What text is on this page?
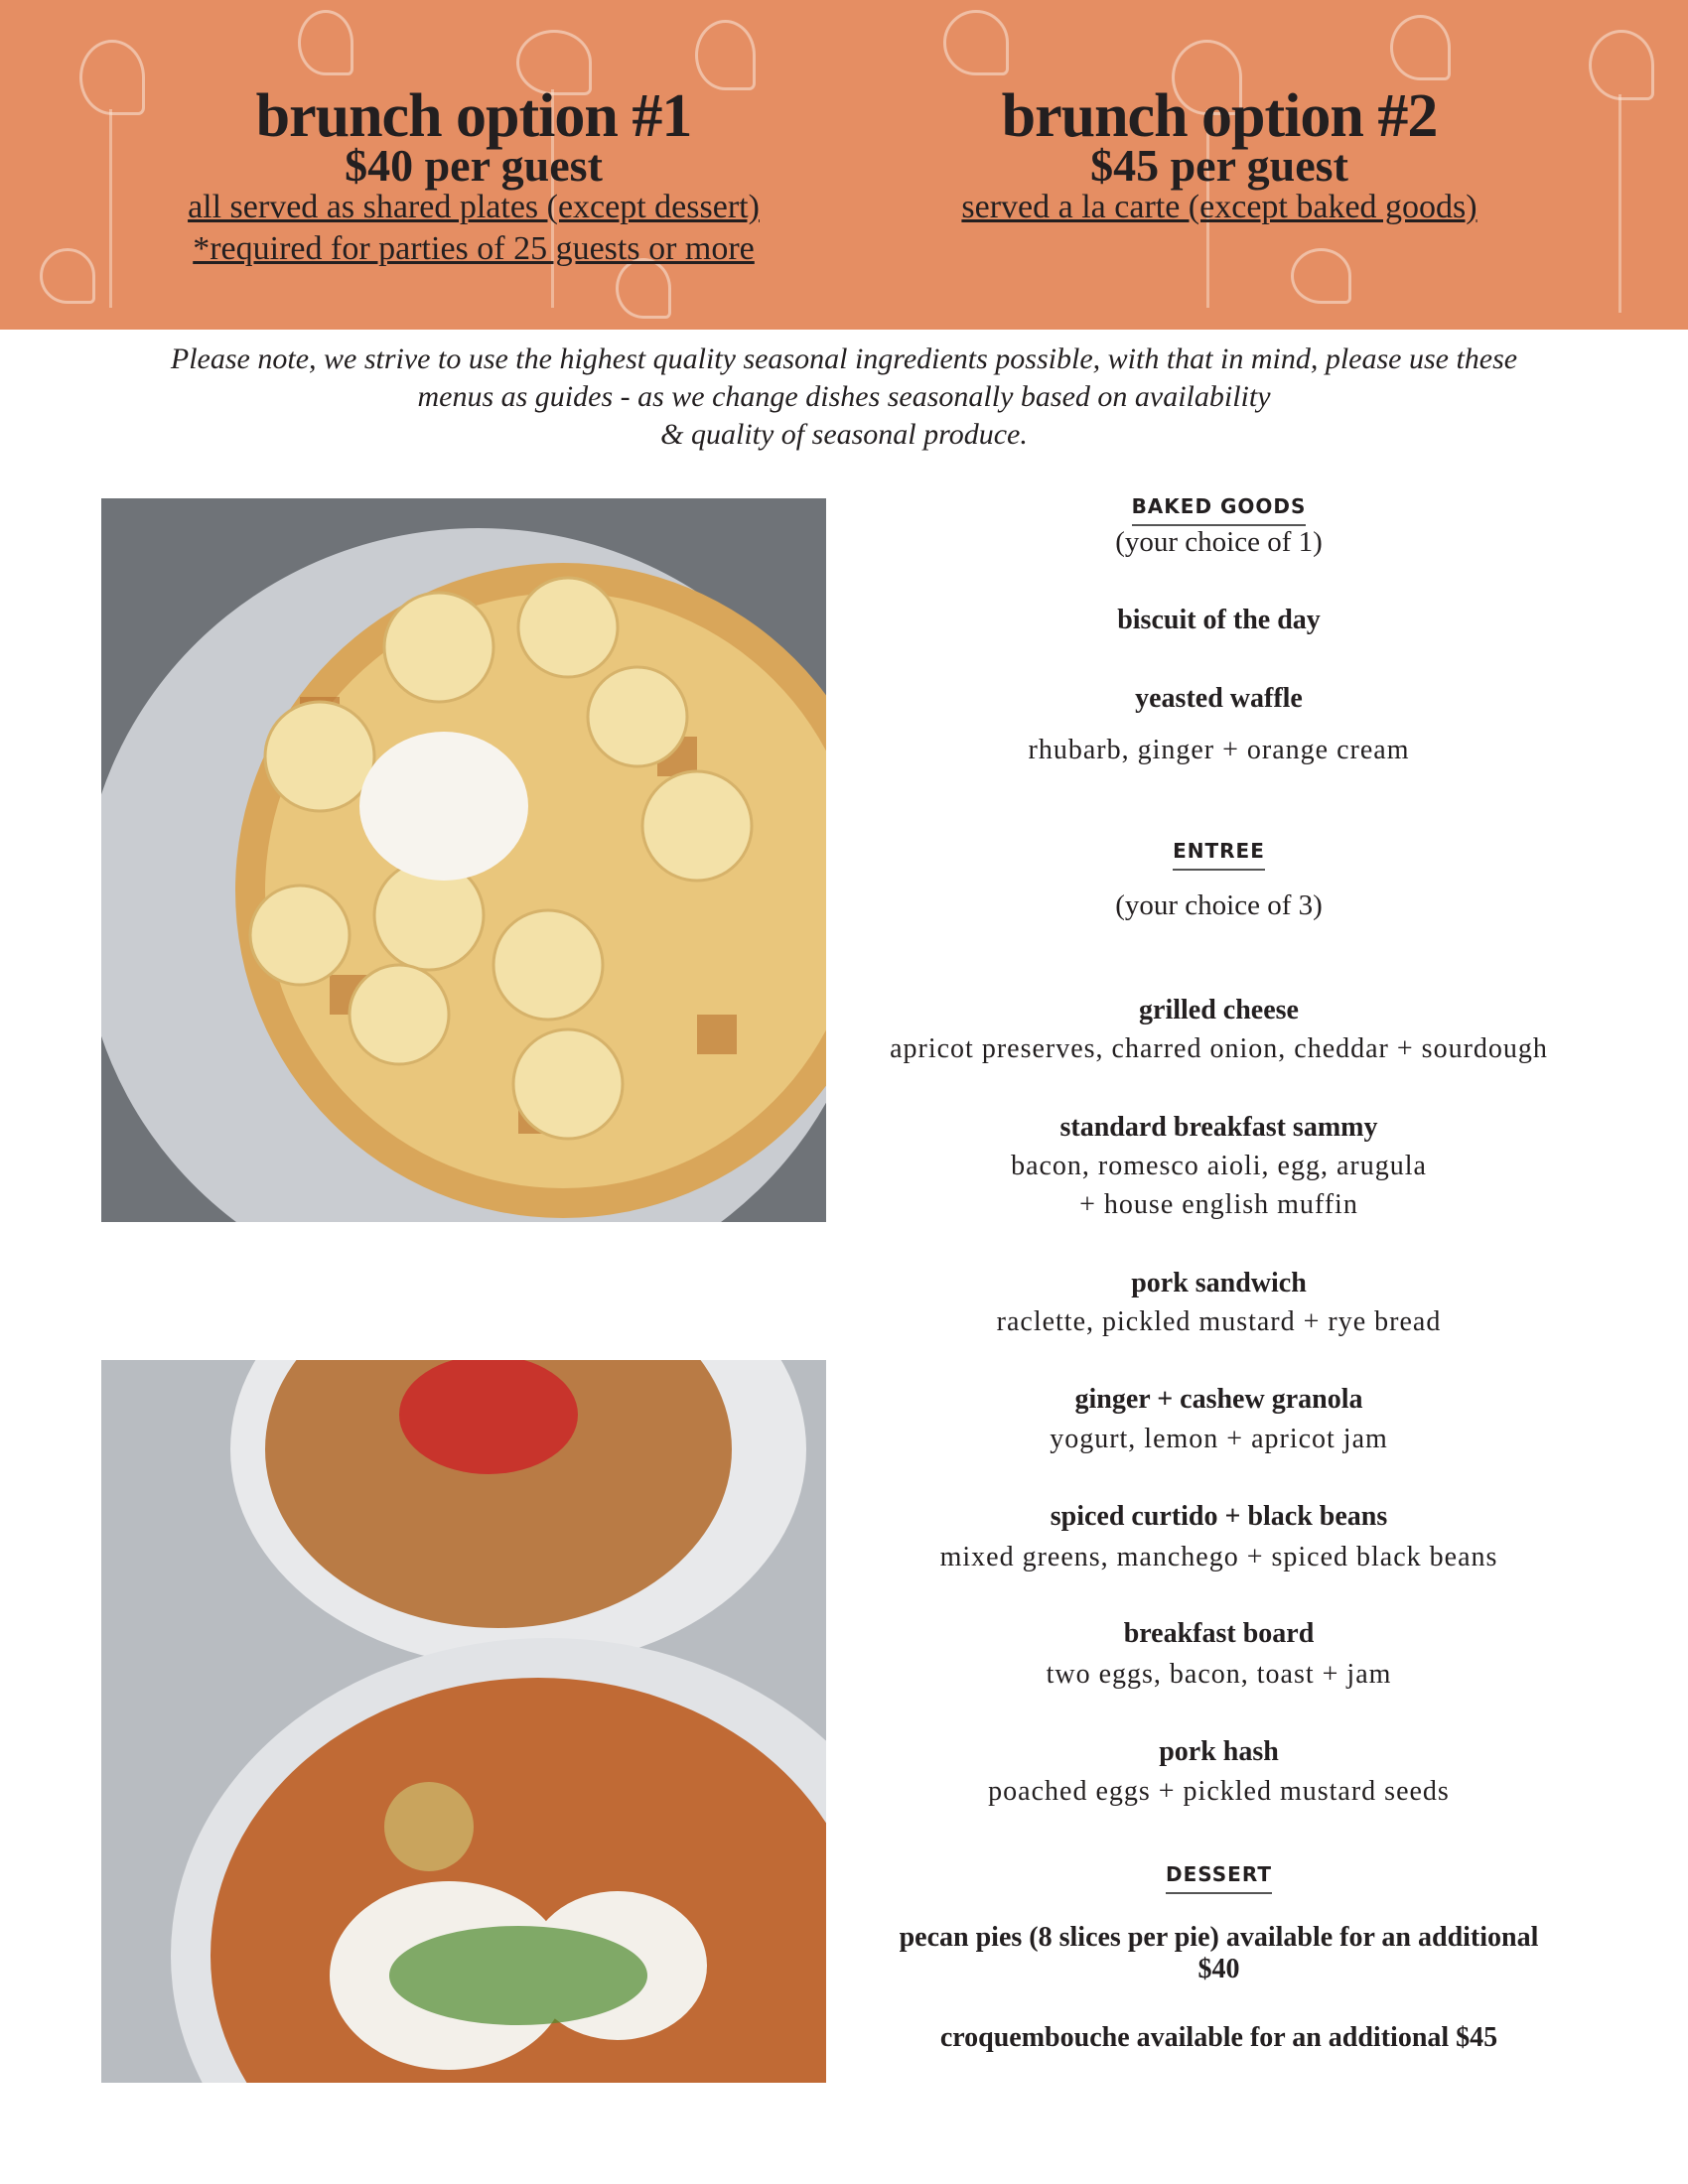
brunch option #1
$40 per guest
all served as shared plates (except dessert)
*required for parties of 25 guests or more
brunch option #2
$45 per guest
served a la carte (except baked goods)
Please note, we strive to use the highest quality seasonal ingredients possible, with that in mind, please use these
menus as guides - as we change dishes seasonally based on availability
& quality of seasonal produce.
BAKED GOODS
(your choice of 1)
biscuit of the day
yeasted waffle
rhubarb, ginger + orange cream
ENTREE
(your choice of 3)
grilled cheese
apricot preserves, charred onion, cheddar + sourdough
standard breakfast sammy
bacon, romesco aioli, egg, arugula
+ house english muffin
pork sandwich
raclette, pickled mustard + rye bread
ginger + cashew granola
yogurt, lemon + apricot jam
spiced curtido + black beans
mixed greens, manchego + spiced black beans
breakfast board
two eggs, bacon, toast + jam
pork hash
poached eggs + pickled mustard seeds
DESSERT
pecan pies (8 slices per pie) available for an additional
$40
croquembouche available for an additional $45
